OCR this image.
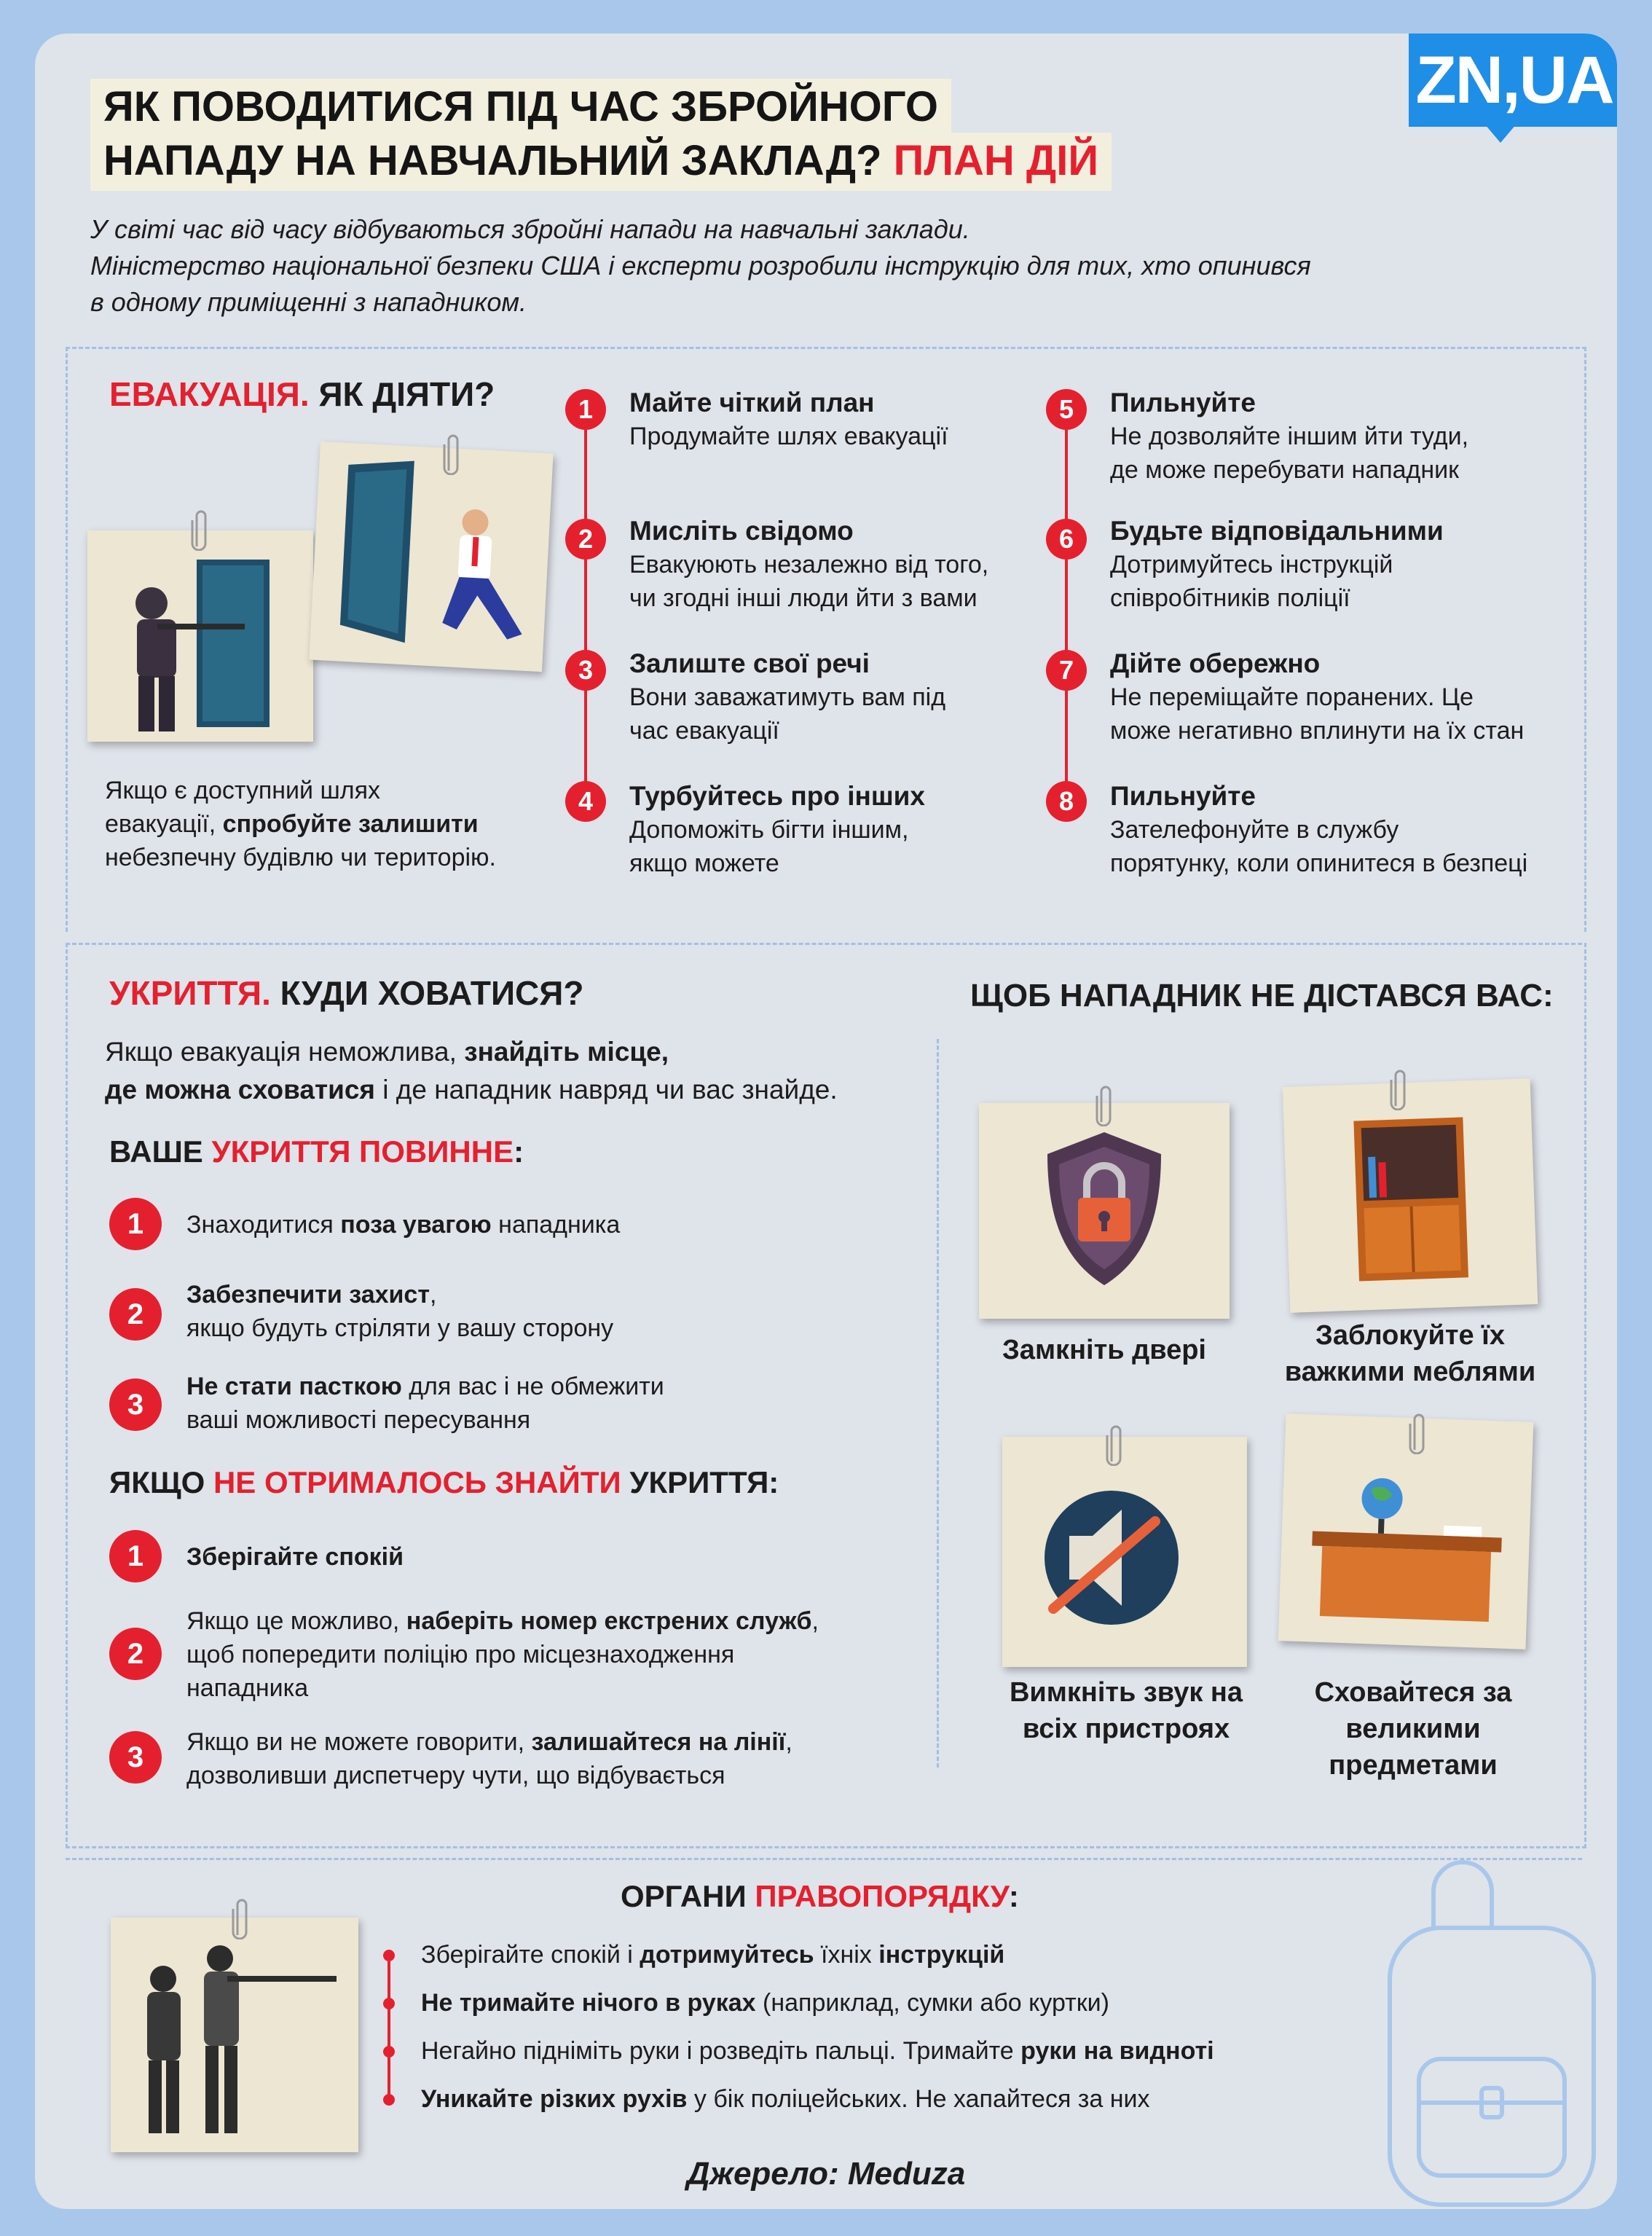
ЯК ПОВОДИТИСЯ ПІД ЧАС ЗБРОЙНОГО
НАПАДУ НА НАВЧАЛЬНИЙ ЗАКЛАД? ПЛАН ДІЙ
ZN,UA
У світі час від часу відбуваються збройні напади на навчальні заклади.
Міністерство національної безпеки США і експерти розробили інструкцію для тих, хто опинився
в одному приміщенні з нападником.
ЕВАКУАЦІЯ. ЯК ДІЯТИ?
Якщо є доступний шлях
евакуації, спробуйте залишити
небезпечну будівлю чи територію.
1	Майте чіткий план
Продумайте шлях евакуації
2	Мисліть свідомо
Евакуюють незалежно від того,
чи згодні інші люди йти з вами
3	Залиште свої речі
Вони заважатимуть вам під
час евакуації
4	Турбуйтесь про інших
Допоможіть бігти іншим,
якщо можете
5	Пильнуйте
Не дозволяйте іншим йти туди,
де може перебувати нападник
6	Будьте відповідальними
Дотримуйтесь інструкцій
співробітників поліції
7	Дійте обережно
Не переміщайте поранених. Це
може негативно вплинути на їх стан
8	Пильнуйте
Зателефонуйте в службу
порятунку, коли опинитеся в безпеці
УКРИТТЯ. КУДИ ХОВАТИСЯ?
Якщо евакуація неможлива, знайдіть місце,
де можна сховатися і де нападник навряд чи вас знайде.
ВАШЕ УКРИТТЯ ПОВИННЕ:
1	Знаходитися поза увагою нападника
2
Забезпечити захист,
якщо будуть стріляти у вашу сторону
3
Не стати пасткою для вас і не обмежити
ваші можливості пересування
ЯКЩО НЕ ОТРИМАЛОСЬ ЗНАЙТИ УКРИТТЯ:
1	Зберігайте спокій
2
Якщо це можливо, наберіть номер екстрених служб,
щоб попередити поліцію про місцезнаходження
нападника
3	Якщо ви не можете говорити, залишайтеся на лінії,
дозволивши диспетчеру чути, що відбувається
ЩОБ НАПАДНИК НЕ ДІСТАВСЯ ВАС:
Замкніть двері	Заблокуйте їх
важкими меблями
Вимкніть звук на
всіх пристроях
Сховайтеся за
великими предметами
ОРГАНИ ПРАВОПОРЯДКУ:
Зберігайте спокій і дотримуйтесь їхніх інструкцій
Не тримайте нічого в руках (наприклад, сумки або куртки)
Негайно підніміть руки і розведіть пальці. Тримайте руки на видноті
Уникайте різких рухів у бік поліцейських. Не хапайтеся за них
Джерело: Meduza
